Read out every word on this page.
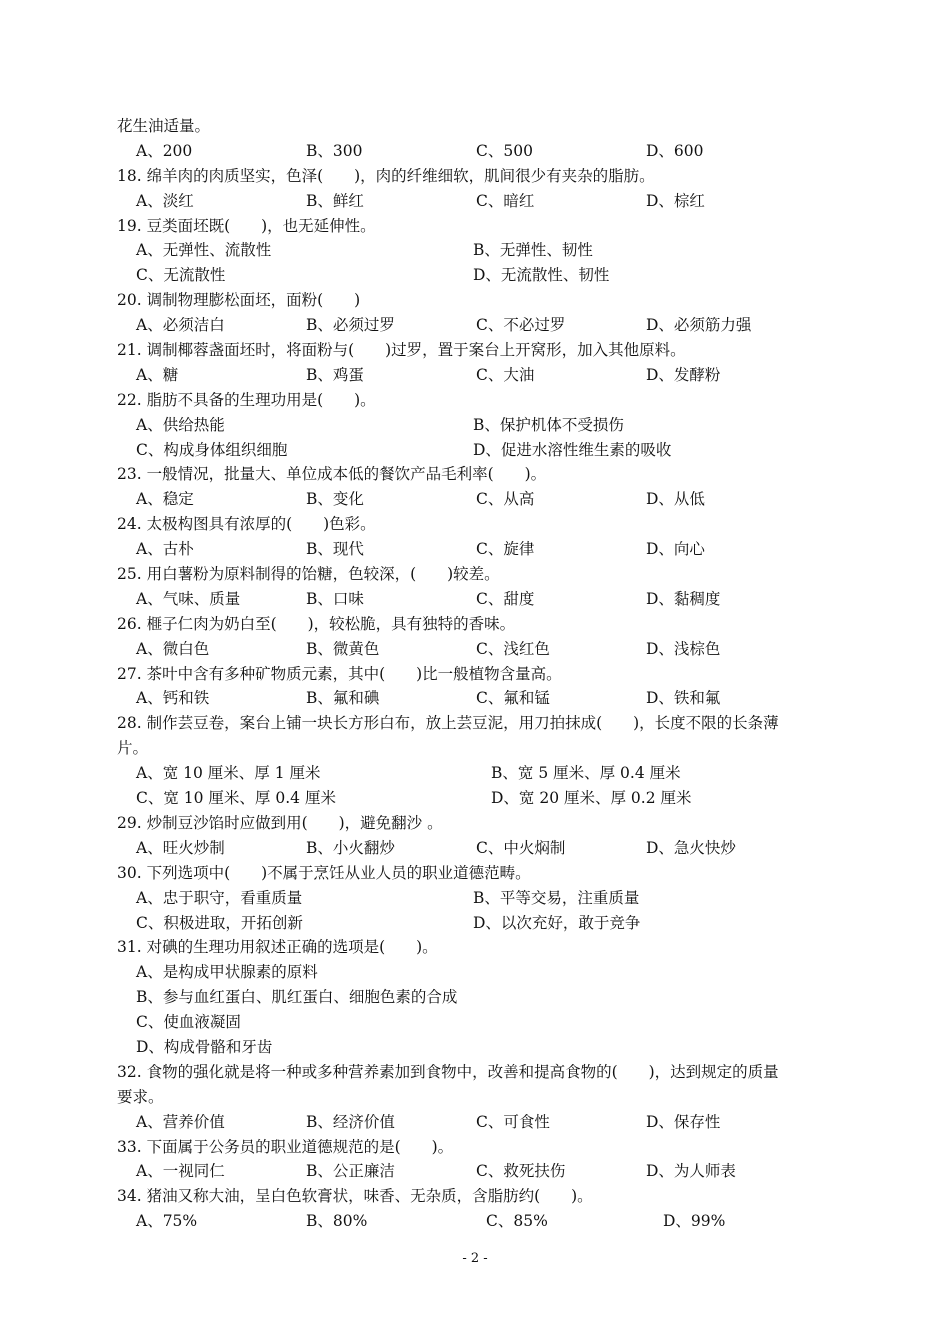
花生油适量。
A、200	B、300	C、500	D、600
18. 绵羊肉的肉质坚实，色泽(　　)，肉的纤维细软，肌间很少有夹杂的脂肪。
A、淡红	B、鲜红	C、暗红	D、棕红
19. 豆类面坯既(　　)，也无延伸性。
A、无弹性、流散性	B、无弹性、韧性
C、无流散性	D、无流散性、韧性
20. 调制物理膨松面坯，面粉(　　)
A、必须洁白	B、必须过罗	C、不必过罗	D、必须筋力强
21. 调制椰蓉盏面坯时，将面粉与(　　)过罗，置于案台上开窝形，加入其他原料。
A、糖	B、鸡蛋	C、大油	D、发酵粉
22. 脂肪不具备的生理功用是(　　)。
A、供给热能	B、保护机体不受损伤
C、构成身体组织细胞	D、促进水溶性维生素的吸收
23. 一般情况，批量大、单位成本低的餐饮产品毛利率(　　)。
A、稳定	B、变化	C、从高	D、从低
24. 太极构图具有浓厚的(　　)色彩。
A、古朴	B、现代	C、旋律	D、向心
25. 用白薯粉为原料制得的饴糖，色较深，(　　)较差。
A、气味、质量	B、口味	C、甜度	D、黏稠度
26. 榧子仁肉为奶白至(　　)，较松脆，具有独特的香味。
A、微白色	B、微黄色	C、浅红色	D、浅棕色
27. 茶叶中含有多种矿物质元素，其中(　　)比一般植物含量高。
A、钙和铁	B、氟和碘	C、氟和锰	D、铁和氟
28. 制作芸豆卷，案台上铺一块长方形白布，放上芸豆泥，用刀拍抹成(　　)，长度不限的长条薄
片。
A、宽 10 厘米、厚 1 厘米	B、宽 5 厘米、厚 0.4 厘米
C、宽 10 厘米、厚 0.4 厘米	D、宽 20 厘米、厚 0.2 厘米
29. 炒制豆沙馅时应做到用(　　)，避免翻沙 。
A、旺火炒制	B、小火翻炒	C、中火焖制	D、急火快炒
30. 下列选项中(　　)不属于烹饪从业人员的职业道德范畴。
A、忠于职守，看重质量	B、平等交易，注重质量
C、积极进取，开拓创新	D、以次充好，敢于竞争
31. 对碘的生理功用叙述正确的选项是(　　)。
A、是构成甲状腺素的原料
B、参与血红蛋白、肌红蛋白、细胞色素的合成
C、使血液凝固
D、构成骨骼和牙齿
32. 食物的强化就是将一种或多种营养素加到食物中，改善和提高食物的(　　)，达到规定的质量
要求。
A、营养价值	B、经济价值	C、可食性	D、保存性
33. 下面属于公务员的职业道德规范的是(　　)。
A、一视同仁	B、公正廉洁	C、救死扶伤	D、为人师表
34. 猪油又称大油，呈白色软膏状，味香、无杂质，含脂肪约(　　)。
A、75%	B、80%	C、85%	D、99%
- 2 -
